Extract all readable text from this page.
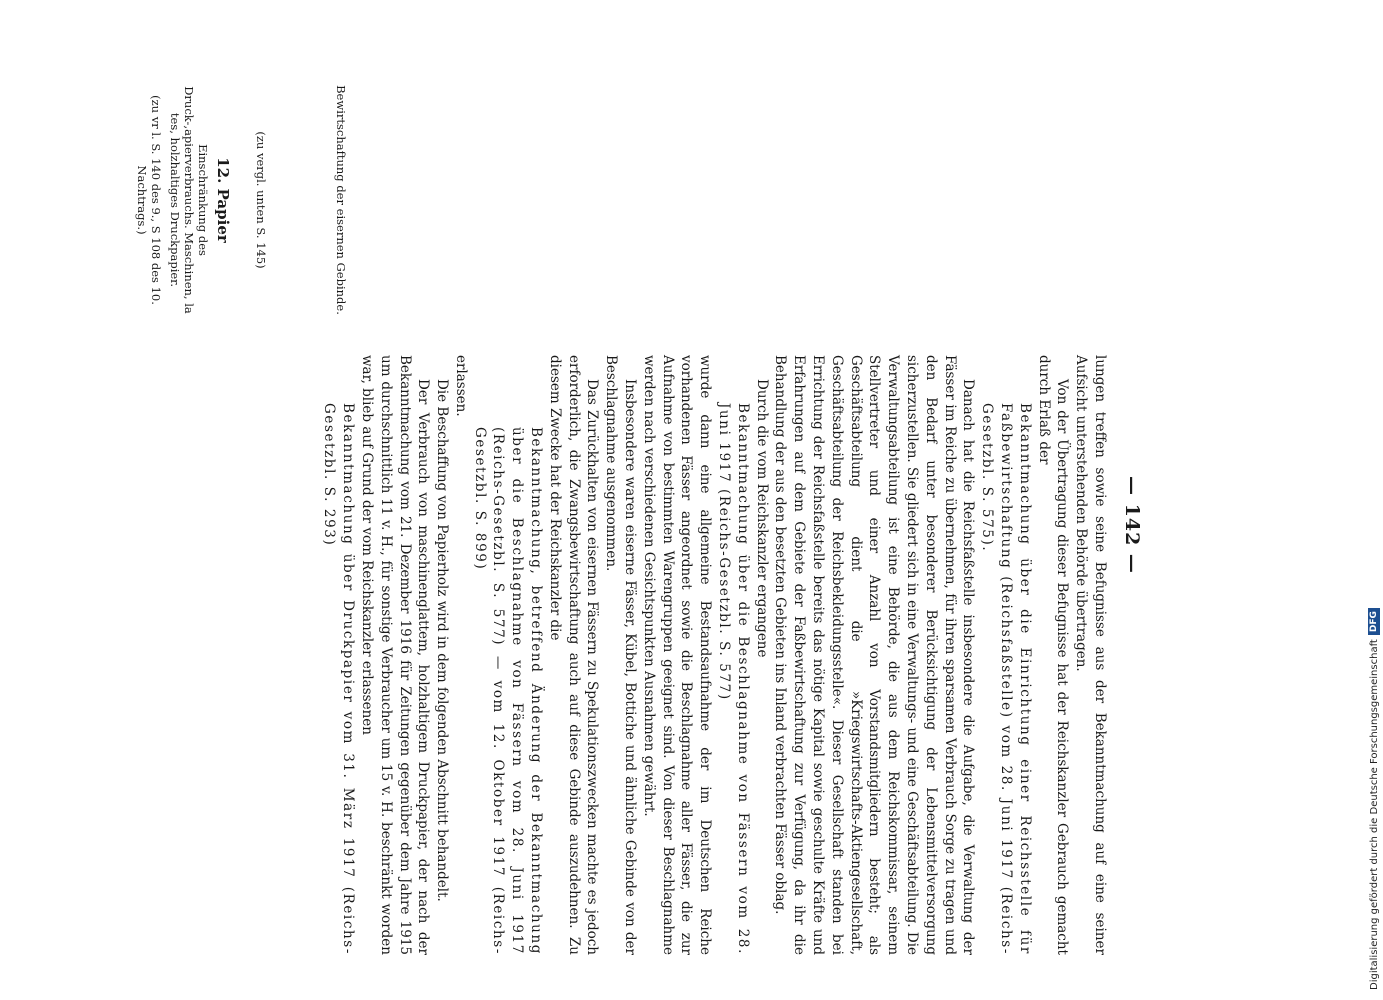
— 142 —

lungen treffen sowie seine Befugnisse aus der Bekanntmachung auf eine seiner Aufsicht unterstehenden Behörde übertragen.

Von der Übertragung dieser Befugnisse hat der Reichskanzler Gebrauch gemacht durch Erlaß der

Bekanntmachung über die Einrichtung einer Reichsstelle für Faßbewirtschaftung (Reichsfaßstelle) vom 28. Juni 1917 (Reichs-Gesetzbl. S. 575).

Danach hat die Reichsfaßstelle insbesondere die Aufgabe, die Verwaltung der Fässer im Reiche zu übernehmen, für ihren sparsamen Verbrauch Sorge zu tragen und den Bedarf unter besonderer Berücksichtigung der Lebensmittelversorgung sicherzustellen. Sie gliedert sich in eine Verwaltungs- und eine Geschäftsabteilung. Die Verwaltungsabteilung ist eine Behörde, die aus dem Reichskommissar, seinem Stellvertreter und einer Anzahl von Vorstandsmitgliedern besteht; als Geschäftsabteilung dient die »Kriegswirtschafts-Aktiengesellschaft, Geschäftsabteilung der Reichsbekleidungsstelle«. Dieser Gesellschaft standen bei Errichtung der Reichsfaßstelle bereits das nötige Kapital sowie geschulte Kräfte und Erfahrungen auf dem Gebiete der Faßbewirtschaftung zur Verfügung, da ihr die Behandlung der aus den besetzten Gebieten ins Inland verbrachten Fässer oblag.

Durch die vom Reichskanzler ergangene

Bekanntmachung über die Beschlagnahme von Fässern vom 28. Juni 1917 (Reichs-Gesetzbl. S. 577)

wurde dann eine allgemeine Bestandsaufnahme der im Deutschen Reiche vorhandenen Fässer angeordnet sowie die Beschlagnahme aller Fässer, die zur Aufnahme von bestimmten Warengruppen geeignet sind. Von dieser Beschlagnahme werden nach verschiedenen Gesichtspunkten Ausnahmen gewährt.

Insbesondere waren eiserne Fässer, Kübel, Bottiche und ähnliche Gebinde von der Beschlagnahme ausgenommen.

Das Zurückhalten von eisernen Fässern zu Spekulationszwecken machte es jedoch erforderlich, die Zwangsbewirtschaftung auch auf diese Gebinde auszudehnen. Zu diesem Zwecke hat der Reichskanzler die

Bekanntmachung, betreffend Änderung der Bekanntmachung über die Beschlagnahme von Fässern vom 28. Juni 1917 (Reichs-Gesetzbl. S. 577) — vom 12. Oktober 1917 (Reichs-Gesetzbl. S. 899)

erlassen.

Die Beschaffung von Papierholz wird in dem folgenden Abschnitt behandelt.

Der Verbrauch von maschinenglattem, holzhaltigem Druckpapier, der nach der Bekanntmachung vom 21. Dezember 1916 für Zeitungen gegenüber dem Jahre 1915 um durchschnittlich 11 v. H., für sonstige Verbraucher um 15 v. H. beschränkt worden war, blieb auf Grund der vom Reichskanzler erlassenen

Bekanntmachung über Druckpapier vom 31. März 1917 (Reichs-Gesetzbl. S. 293)

Bewirtschaftung der eisernen Gebinde.
(zu vergl. unten S. 145)
12. Papier
Einschränkung des Druck-,apierverbrauchs. Maschinen, la tes, holzhaltiges Druckpapier.
(zu vr l. S. 140 des 9., S 108 des 10. Nachtrags.)
Digitalisierung gefördert durch die Deutsche Forschungsgemeinschaft
DFG
